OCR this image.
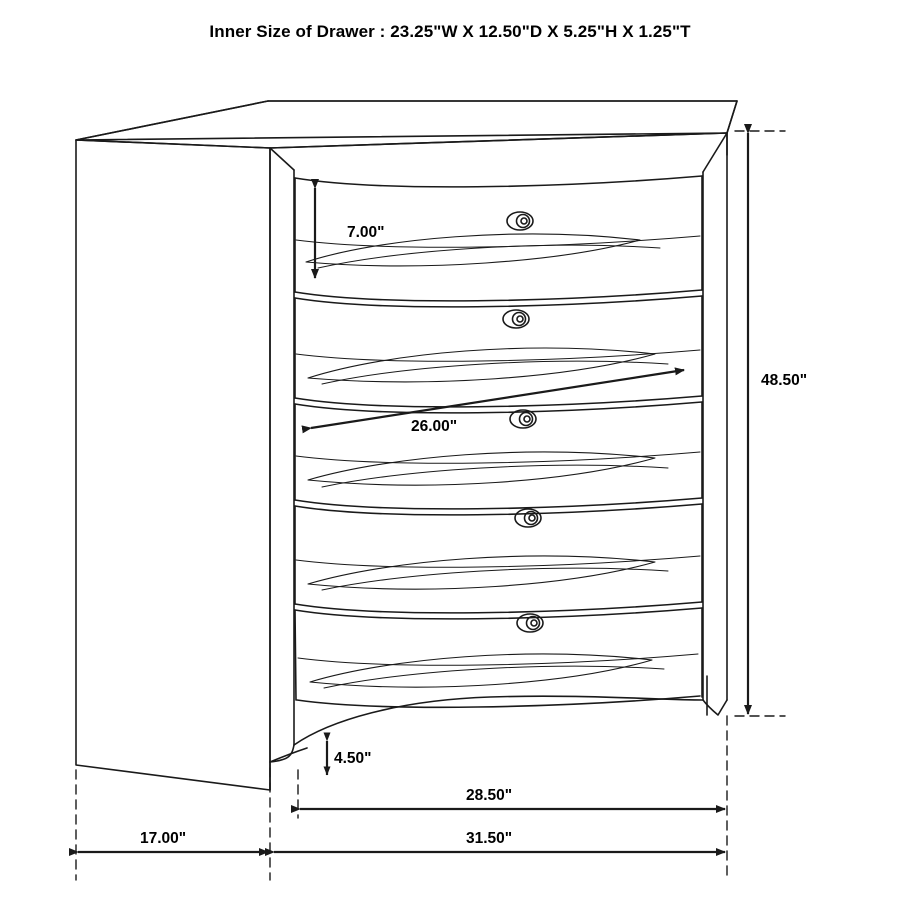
Inner Size of Drawer : 23.25"W X 12.50"D X 5.25"H X 1.25"T
7.00"
26.00"
48.50"
4.50"
28.50"
17.00"	31.50"
